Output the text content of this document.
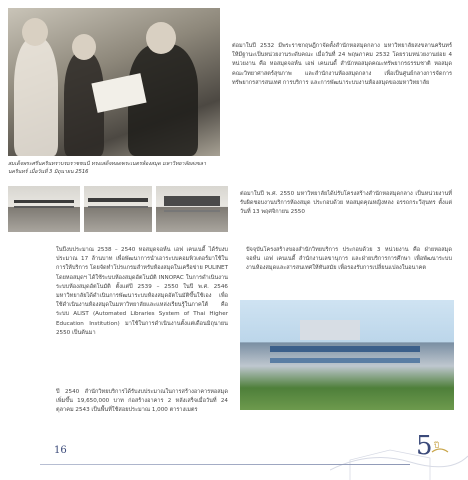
สมเด็จพระศรีนครินทราบรมราชชนนี ทรงเสด็จทอดพระเนตรห้องสมุด มหาวิทยาลัยสงขลานครินทร์ เมื่อวันที่ 3 มิถุนายน 2516
ต่อมาในปี 2532 มีพระราชกฤษฎีกาจัดตั้งสำนักหอสมุดกลาง มหาวิทยาลัยสงขลานครินทร์ ให้มีฐานะเป็นหน่วยงานระดับคณะ เมื่อวันที่ 24 พฤษภาคม 2532 โดยรวมหน่วยงานย่อย 4 หน่วยงาน คือ หอสมุดจอห์น เอฟ เคนเนดี้ สำนักหอสมุดคณะทรัพยากรธรรมชาติ หอสมุดคณะวิทยาศาสตร์สุขภาพ และสำนักงานห้องสมุดกลาง เพื่อเป็นศูนย์กลางการจัดการทรัพยากรสารสนเทศ การบริการ และการพัฒนาระบบงานห้องสมุดของมหาวิทยาลัย
ต่อมาในปี พ.ศ. 2550 มหาวิทยาลัยได้ปรับโครงสร้างสำนักหอสมุดกลาง เป็นหน่วยงานที่รับผิดชอบงานบริการห้องสมุด ประกอบด้วย หอสมุดคุณหญิงหลง อรรถกระวีสุนทร ตั้งแต่วันที่ 13 พฤศจิกายน 2550
ในปีงบประมาณ 2538 – 2540 หอสมุดจอห์น เอฟ เคนเนดี้ ได้รับงบประมาณ 17 ล้านบาท เพื่อพัฒนาการนำเอาระบบคอมพิวเตอร์มาใช้ในการให้บริการ โดยจัดทำโปรแกรมสำหรับห้องสมุดในเครือข่าย PULINET โดยหอสมุดฯ ได้ใช้ระบบห้องสมุดอัตโนมัติ INNOPAC ในการดำเนินงาน ระบบห้องสมุดอัตโนมัติ ตั้งแต่ปี 2539 – 2550 ในปี พ.ศ. 2546 มหาวิทยาลัยได้ดำเนินการพัฒนาระบบห้องสมุดอัตโนมัติขึ้นใช้เอง เพื่อใช้ดำเนินงานห้องสมุดในมหาวิทยาลัยและแหล่งเรียนรู้ในภาคใต้ คือ ระบบ ALIST (Automated Libraries System of Thai Higher Education Institution) มาใช้ในการดำเนินงานตั้งแต่เดือนมิถุนายน 2550 เป็นต้นมา
ปัจจุบันโครงสร้างของสำนักวิทยบริการ ประกอบด้วย 3 หน่วยงาน คือ ฝ่ายหอสมุดจอห์น เอฟ เคนเนดี้ สำนักงานเลขานุการ และฝ่ายบริการการศึกษา เพื่อพัฒนาระบบงานห้องสมุดและสารสนเทศให้ทันสมัย เพื่อรองรับการเปลี่ยนแปลงในอนาคต
ปี 2540 สำนักวิทยบริการได้รับงบประมาณในการสร้างอาคารหอสมุด เพิ่มขึ้น 19,650,000 บาท ก่อสร้างอาคาร 2 หลังเสร็จเมื่อวันที่ 24 ตุลาคม 2543 เป็นพื้นที่ใช้สอยประมาณ 1,000 ตารางเมตร
16	5 ปี
